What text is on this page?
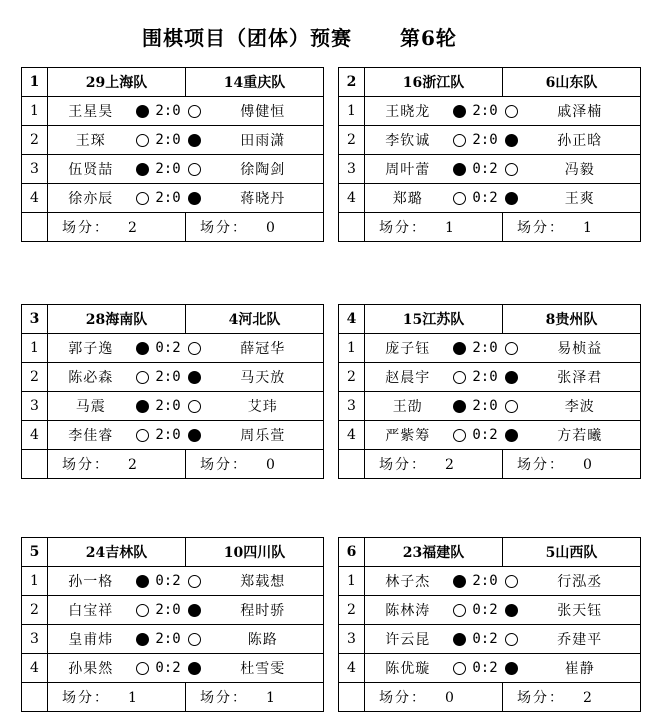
围棋项目（团体）预赛 第6轮
1	29上海队			14重庆队	
1	王星昊		2:0		傅健恒
2	王琛		2:0		田雨潇
3	伍贤喆		2:0		徐陶剑
4	徐亦辰		2:0		蒋晓丹
	场分： 2			场分： 0	
2	16浙江队			6山东队	
1	王晓龙		2:0		戚泽楠
2	李钦诚		2:0		孙正晗
3	周叶蕾		0:2		冯毅
4	郑璐		0:2		王爽
	场分： 1			场分： 1	
3	28海南队			4河北队	
1	郭子逸		0:2		薛冠华
2	陈必森		2:0		马天放
3	马震		2:0		艾玮
4	李佳睿		2:0		周乐萱
	场分： 2			场分： 0	
4	15江苏队			8贵州队	
1	庞子钰		2:0		易桢益
2	赵晨宇		2:0		张泽君
3	王劭		2:0		李波
4	严紫筹		0:2		方若曦
	场分： 2			场分： 0	
5	24吉林队			10四川队	
1	孙一格		0:2		郑载想
2	白宝祥		2:0		程时骄
3	皇甫炜		2:0		陈路
4	孙果然		0:2		杜雪雯
	场分： 1			场分： 1	
6	23福建队			5山西队	
1	林子杰		2:0		行泓丞
2	陈林涛		0:2		张天钰
3	许云昆		0:2		乔建平
4	陈优璇		0:2		崔静
	场分： 0			场分： 2	
